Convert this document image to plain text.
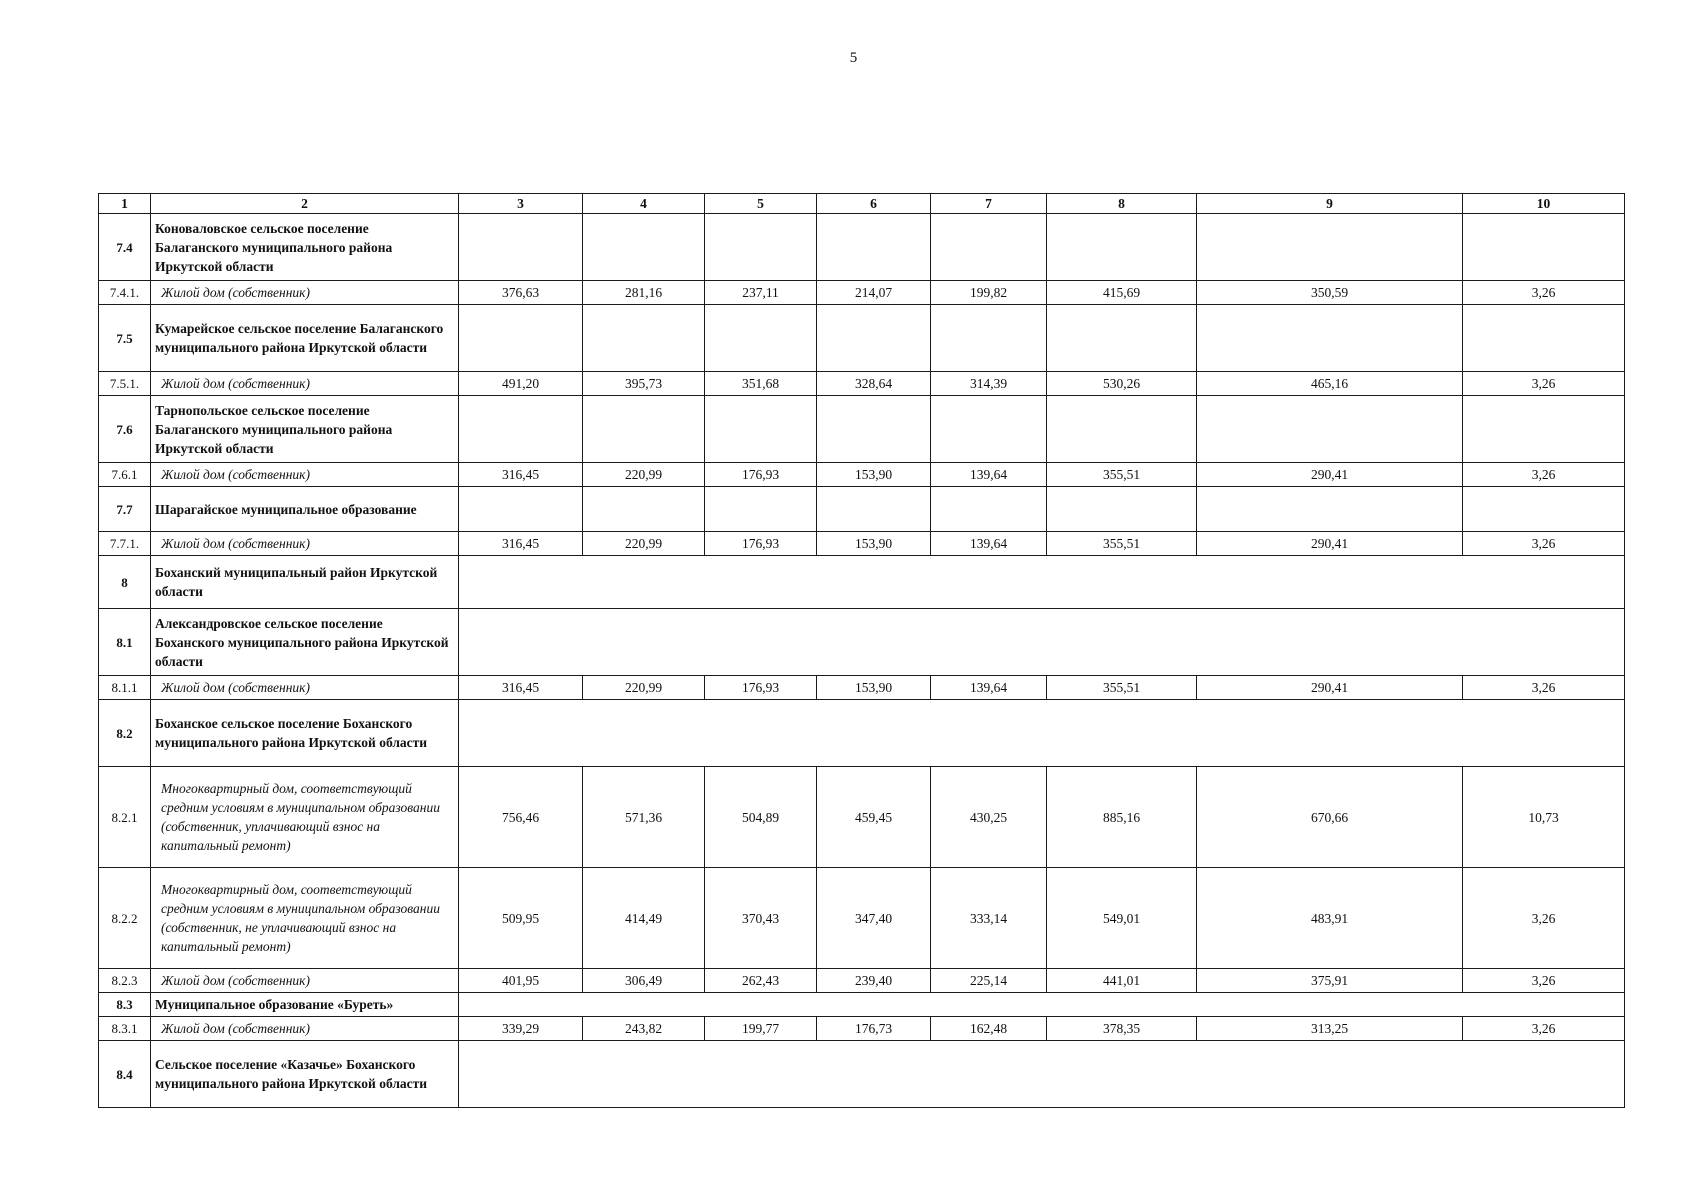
5
1	2	3	4	5	6	7	8	9	10
7.4	Коноваловское сельское поселение Балаганского муниципального района Иркутской области								
7.4.1.	Жилой дом (собственник)	376,63	281,16	237,11	214,07	199,82	415,69	350,59	3,26
7.5	Кумарейское сельское поселение Балаганского муниципального района Иркутской области								
7.5.1.	Жилой дом (собственник)	491,20	395,73	351,68	328,64	314,39	530,26	465,16	3,26
7.6	Тарнопольское сельское поселение Балаганского муниципального района Иркутской области								
7.6.1	Жилой дом (собственник)	316,45	220,99	176,93	153,90	139,64	355,51	290,41	3,26
7.7	Шарагайское муниципальное образование								
7.7.1.	Жилой дом (собственник)	316,45	220,99	176,93	153,90	139,64	355,51	290,41	3,26
8	Боханский муниципальный район Иркутской области								
8.1	Александровское сельское поселение Боханского муниципального района Иркутской области								
8.1.1	Жилой дом (собственник)	316,45	220,99	176,93	153,90	139,64	355,51	290,41	3,26
8.2	Боханское сельское поселение Боханского муниципального района Иркутской области								
8.2.1	Многоквартирный дом, соответствующий средним условиям в муниципальном образовании (собственник, уплачивающий взнос на капитальный ремонт)	756,46	571,36	504,89	459,45	430,25	885,16	670,66	10,73
8.2.2	Многоквартирный дом, соответствующий средним условиям в муниципальном образовании (собственник, не уплачивающий взнос на капитальный ремонт)	509,95	414,49	370,43	347,40	333,14	549,01	483,91	3,26
8.2.3	Жилой дом (собственник)	401,95	306,49	262,43	239,40	225,14	441,01	375,91	3,26
8.3	Муниципальное образование «Буреть»								
8.3.1	Жилой дом (собственник)	339,29	243,82	199,77	176,73	162,48	378,35	313,25	3,26
8.4	Сельское поселение «Казачье» Боханского муниципального района Иркутской области								
